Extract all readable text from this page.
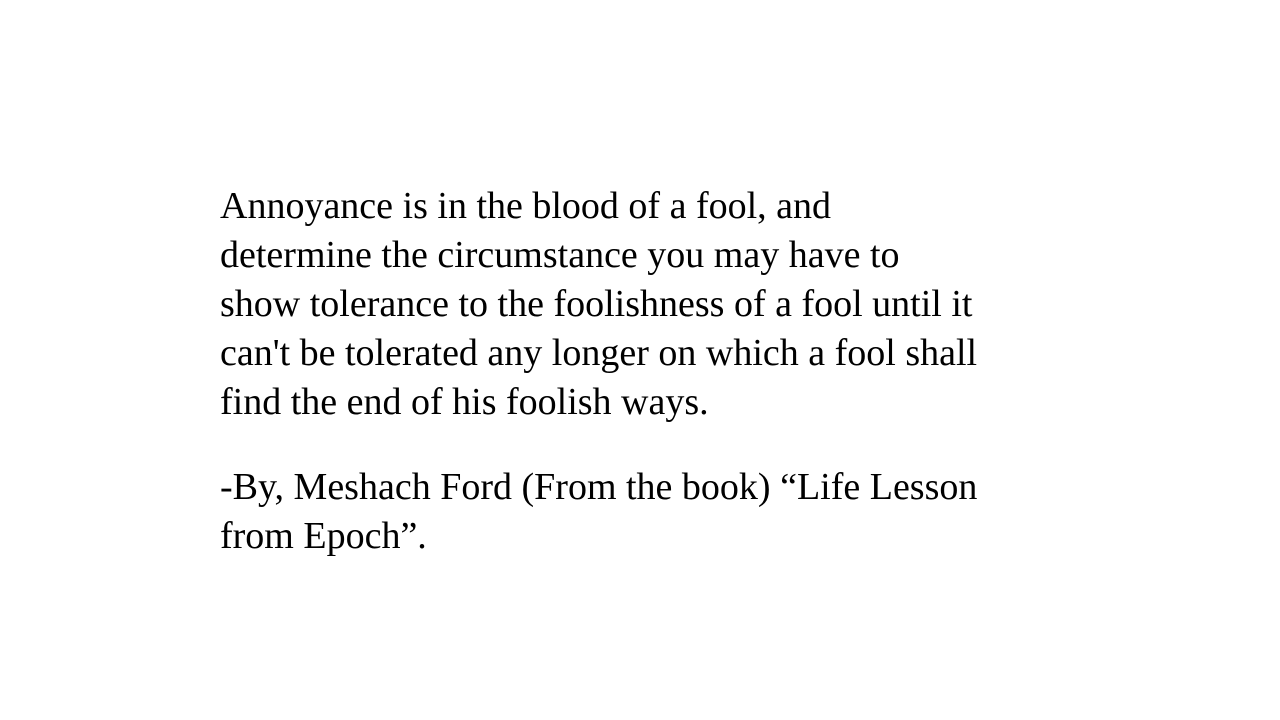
Annoyance is in the blood of a fool, and
determine the circumstance you may have to
show tolerance to the foolishness of a fool until it
can't be tolerated any longer on which a fool shall
find the end of his foolish ways.
-By, Meshach Ford (From the book) “Life Lesson
from Epoch”.
